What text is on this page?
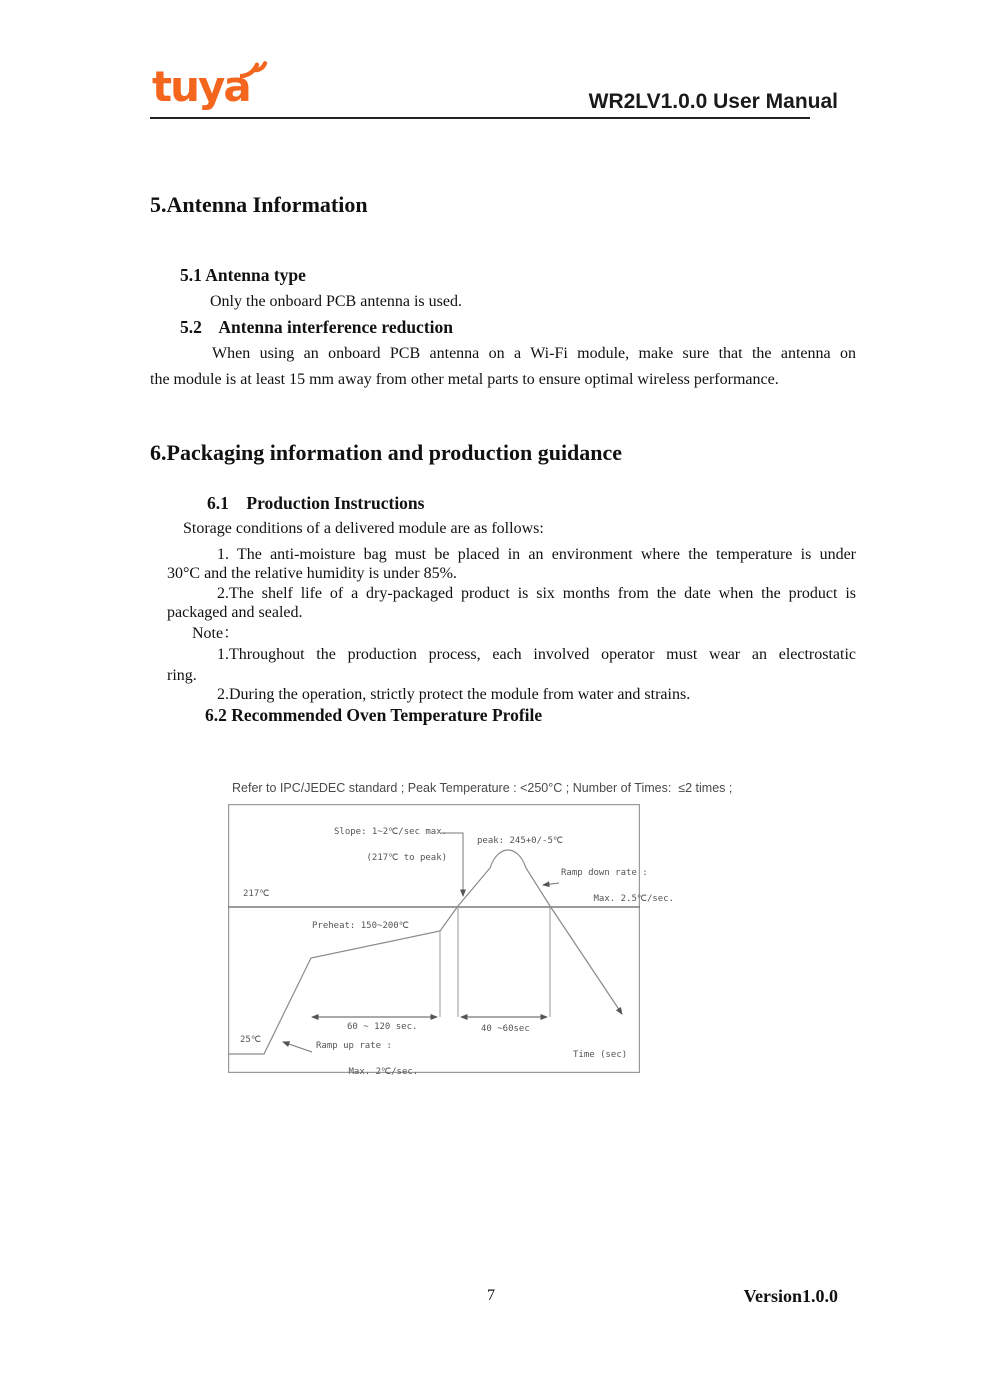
tuya	WR2LV1.0.0 User Manual
5.Antenna Information
5.1 Antenna type
Only the onboard PCB antenna is used.
5.2    Antenna interference reduction
When using an onboard PCB antenna on a Wi-Fi module, make sure that the antenna on
the module is at least 15 mm away from other metal parts to ensure optimal wireless performance.
6.Packaging information and production guidance
6.1    Production Instructions
Storage conditions of a delivered module are as follows:
1. The anti-moisture bag must be placed in an environment where the temperature is under
30°C and the relative humidity is under 85%.
2.The shelf life of a dry-packaged product is six months from the date when the product is
packaged and sealed.
Note：
1.Throughout the production process, each involved operator must wear an electrostatic
ring.
2.During the operation, strictly protect the module from water and strains.
6.2 Recommended Oven Temperature Profile
Refer to IPC/JEDEC standard ; Peak Temperature : <250°C ; Number of Times:  ≤2 times ;
Slope: 1~2℃/sec max.

(217℃ to peak)
peak: 245+0/-5℃
Ramp down rate :

Max. 2.5℃/sec.
217℃
Preheat: 150~200℃
25℃
Ramp up rate :

Max. 2℃/sec.
60 ~ 120 sec.	40 ~60sec
Time (sec)
7	Version1.0.0
